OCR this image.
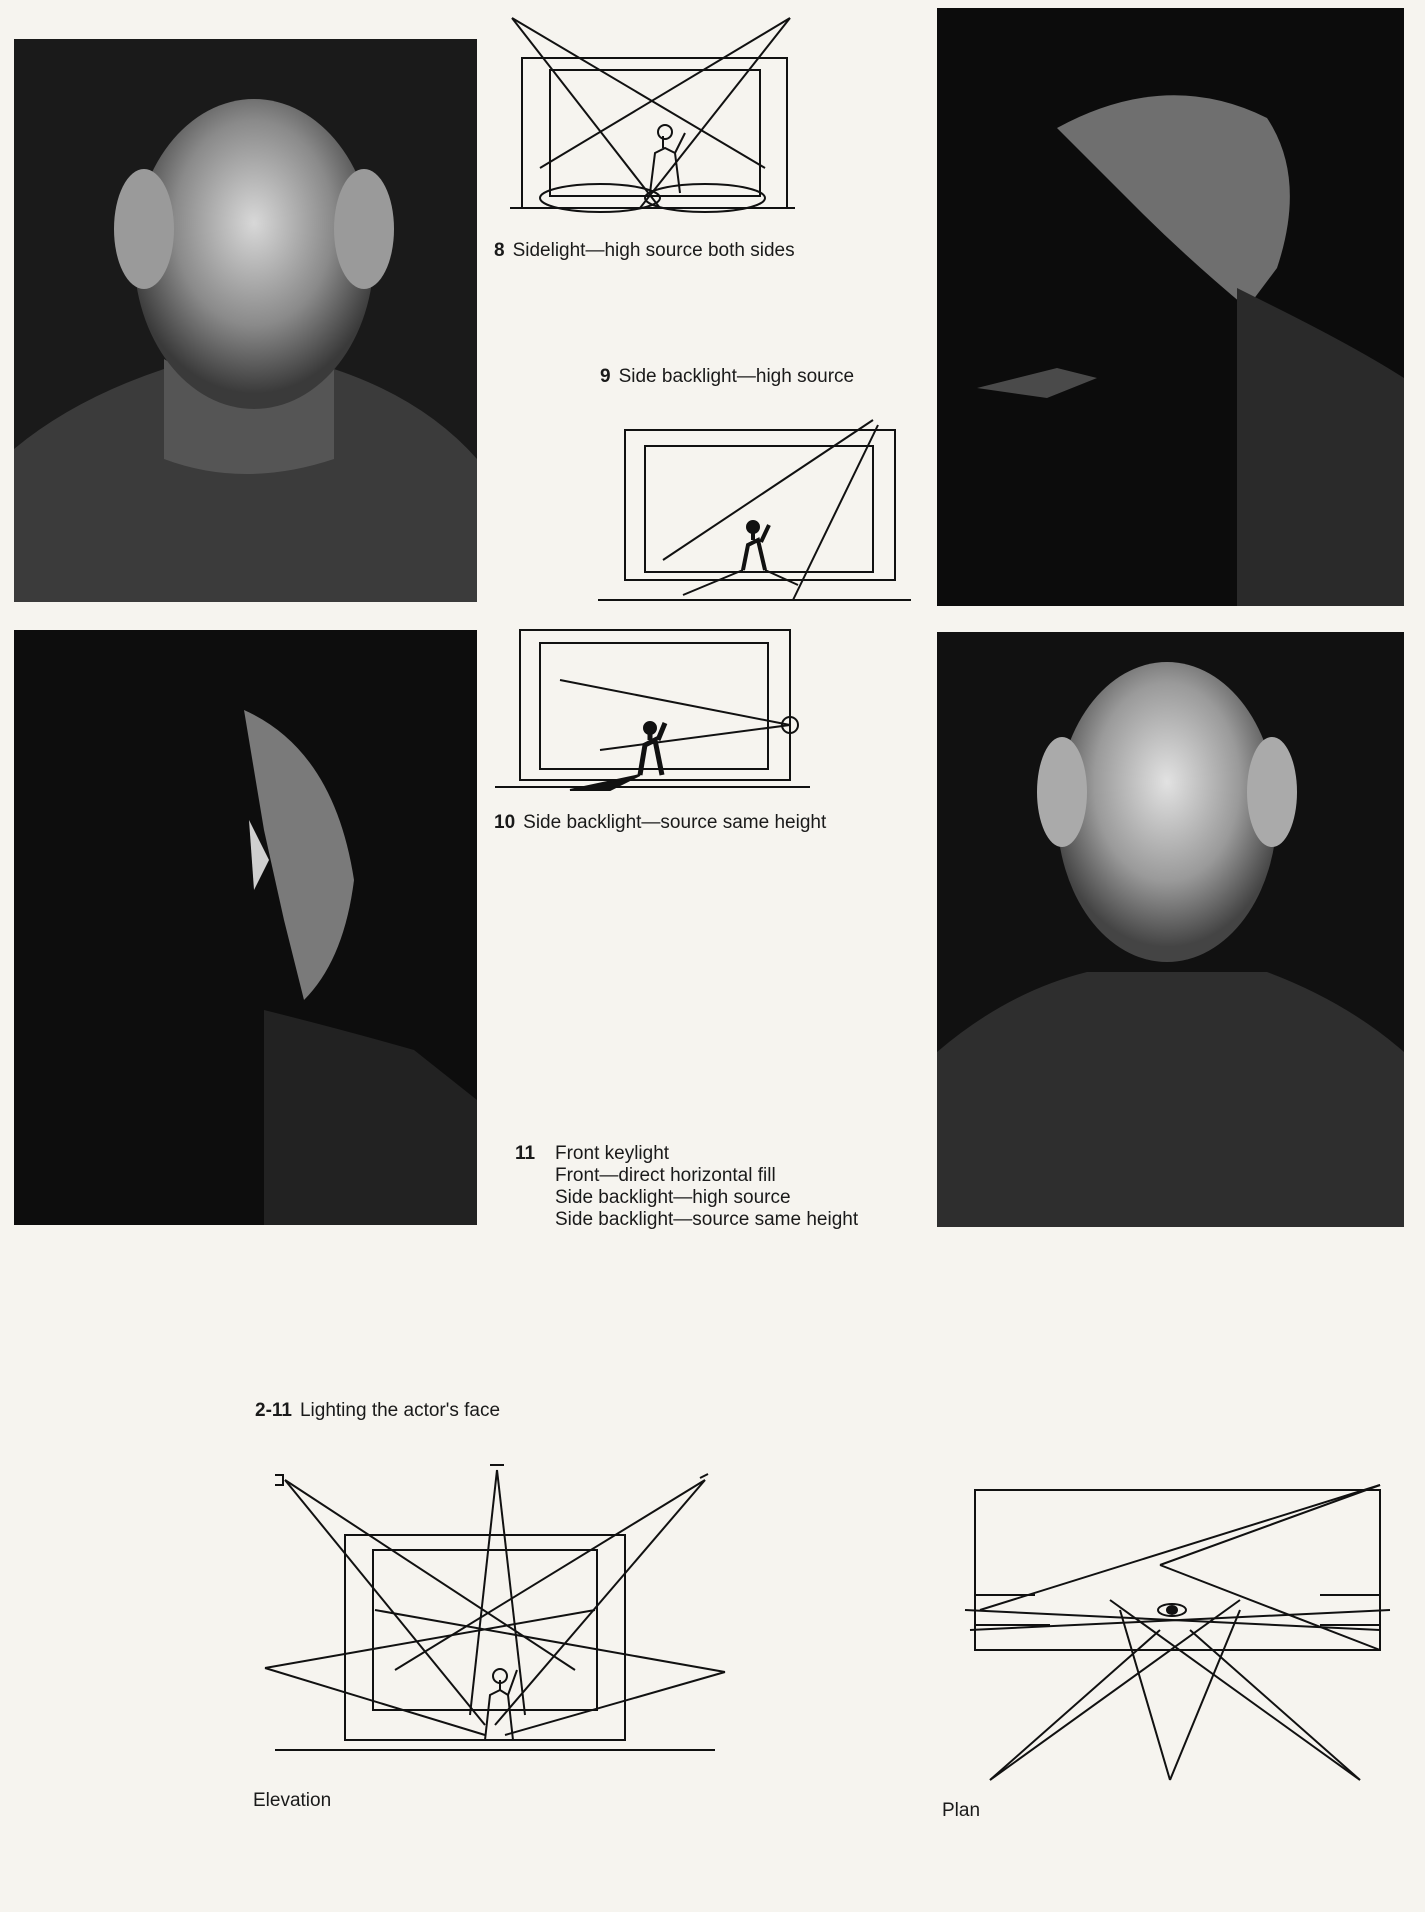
8 Sidelight—high source both sides
9 Side backlight—high source
10 Side backlight—source same height
11 Front keylight
Front—direct horizontal fill
Side backlight—high source
Side backlight—source same height
2-11 Lighting the actor's face
Elevation	Plan
